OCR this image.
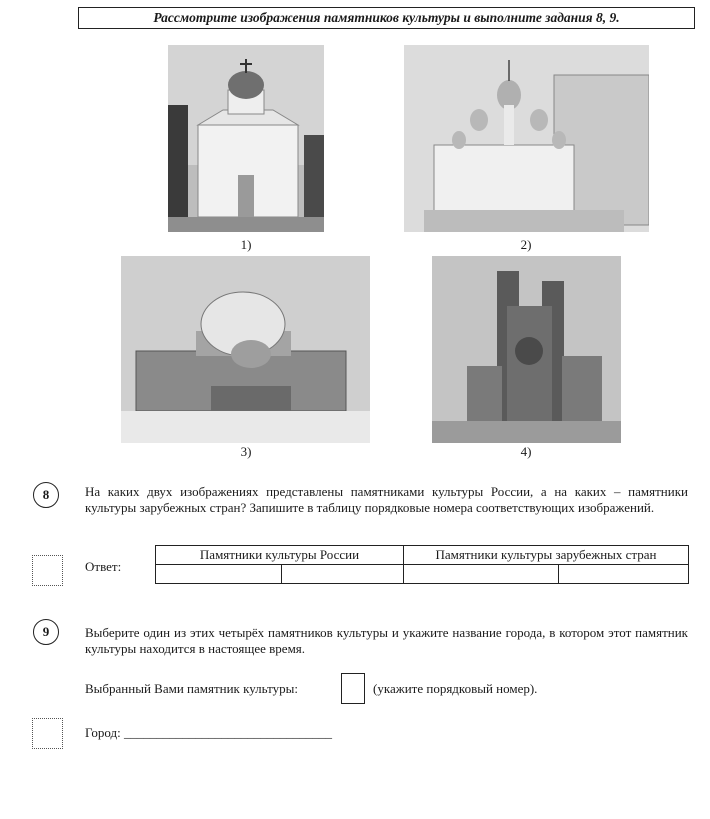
Рассмотрите изображения памятников культуры и выполните задания 8, 9.
1)	2)
3)	4)
8	На каких двух изображениях представлены памятниками культуры России, а на каких – памятники культуры зарубежных стран? Запишите в таблицу порядковые номера соответствующих изображений.
Ответ:
Памятники культуры России		Памятники культуры зарубежных стран	

9	Выберите один из этих четырёх памятников культуры и укажите название города, в котором этот памятник культуры находится в настоящее время.
Выбранный Вами памятник культуры:	(укажите порядковый номер).
Город: ________________________________
